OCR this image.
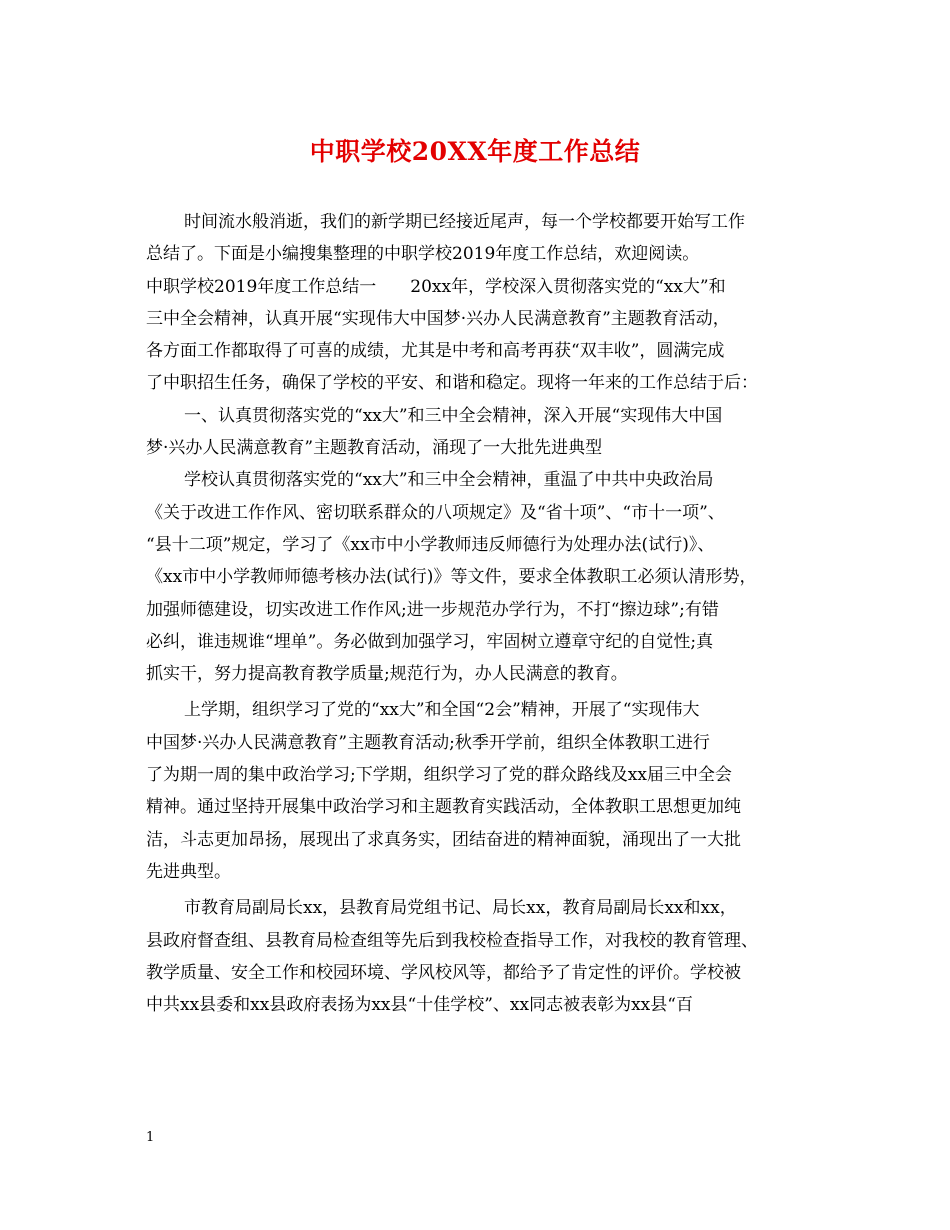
中职学校20XX年度工作总结
时间流水般消逝，我们的新学期已经接近尾声，每一个学校都要开始写工作
总结了。下面是小编搜集整理的中职学校2019年度工作总结，欢迎阅读。
中职学校2019年度工作总结一　　20xx年，学校深入贯彻落实党的“xx大”和
三中全会精神，认真开展“实现伟大中国梦·兴办人民满意教育”主题教育活动，
各方面工作都取得了可喜的成绩，尤其是中考和高考再获“双丰收”，圆满完成
了中职招生任务，确保了学校的平安、和谐和稳定。现将一年来的工作总结于后：
一、认真贯彻落实党的“xx大”和三中全会精神，深入开展“实现伟大中国
梦·兴办人民满意教育”主题教育活动，涌现了一大批先进典型
学校认真贯彻落实党的“xx大”和三中全会精神，重温了中共中央政治局
《关于改进工作作风、密切联系群众的八项规定》及“省十项”、“市十一项”、
“县十二项”规定，学习了《xx市中小学教师违反师德行为处理办法(试行)》、
《xx市中小学教师师德考核办法(试行)》等文件，要求全体教职工必须认清形势，
加强师德建设，切实改进工作作风;进一步规范办学行为，不打“擦边球”;有错
必纠，谁违规谁“埋单”。务必做到加强学习，牢固树立遵章守纪的自觉性;真
抓实干，努力提高教育教学质量;规范行为，办人民满意的教育。
上学期，组织学习了党的“xx大”和全国“2会”精神，开展了“实现伟大
中国梦·兴办人民满意教育”主题教育活动;秋季开学前，组织全体教职工进行
了为期一周的集中政治学习;下学期，组织学习了党的群众路线及xx届三中全会
精神。通过坚持开展集中政治学习和主题教育实践活动，全体教职工思想更加纯
洁，斗志更加昂扬，展现出了求真务实，团结奋进的精神面貌，涌现出了一大批
先进典型。
市教育局副局长xx，县教育局党组书记、局长xx，教育局副局长xx和xx，
县政府督查组、县教育局检查组等先后到我校检查指导工作，对我校的教育管理、
教学质量、安全工作和校园环境、学风校风等，都给予了肯定性的评价。学校被
中共xx县委和xx县政府表扬为xx县“十佳学校”、xx同志被表彰为xx县“百
1
